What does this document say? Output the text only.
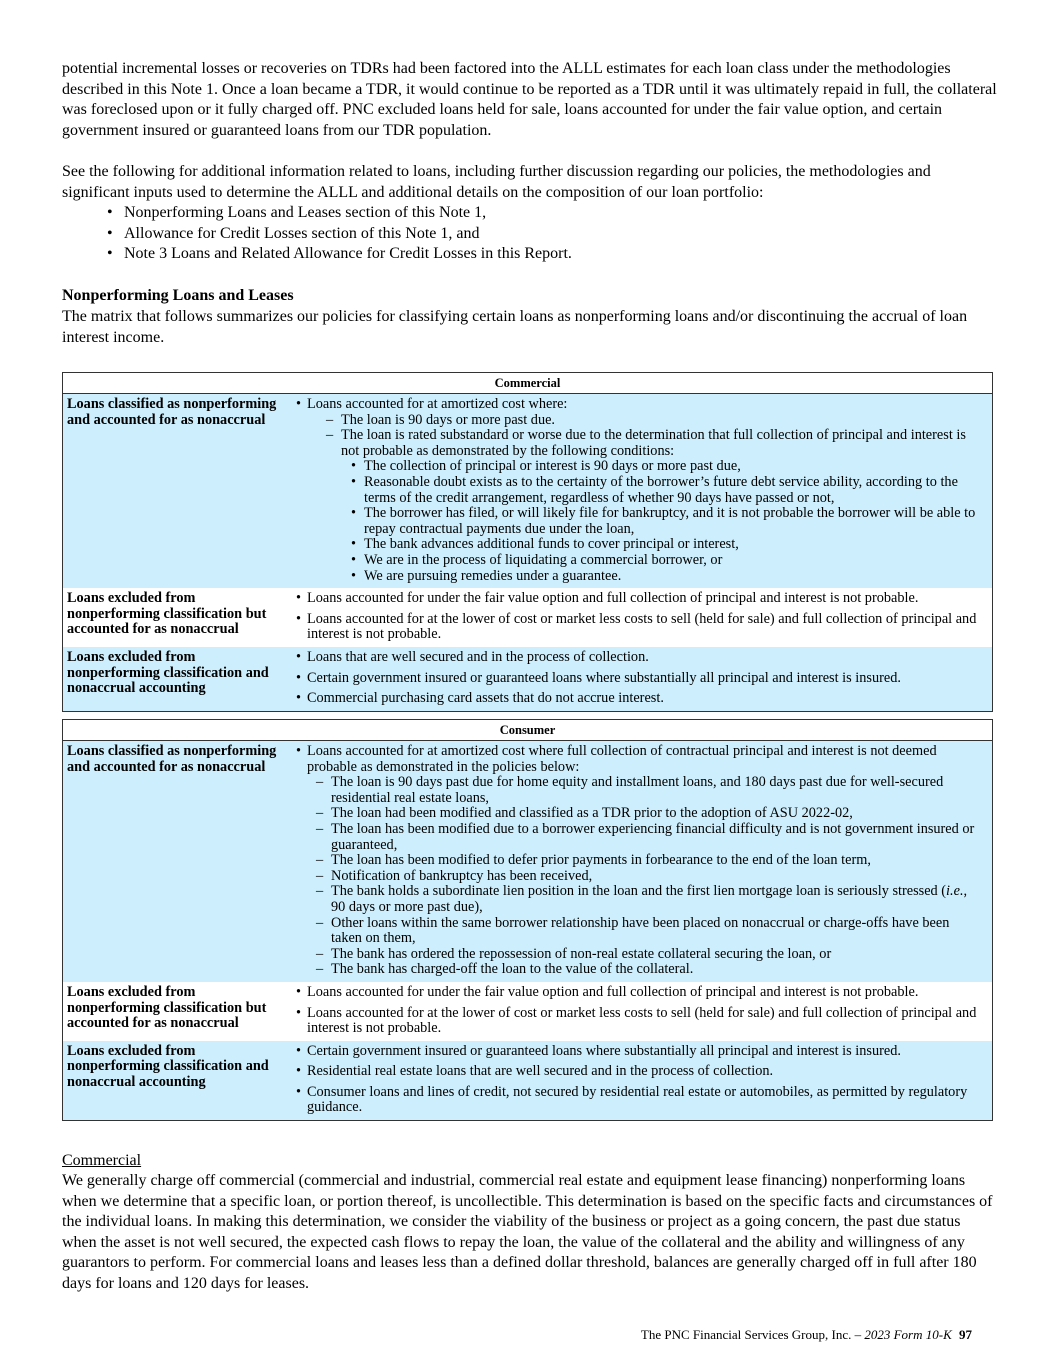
potential incremental losses or recoveries on TDRs had been factored into the ALLL estimates for each loan class under the methodologies described in this Note 1. Once a loan became a TDR, it would continue to be reported as a TDR until it was ultimately repaid in full, the collateral was foreclosed upon or it fully charged off. PNC excluded loans held for sale, loans accounted for under the fair value option, and certain government insured or guaranteed loans from our TDR population.

See the following for additional information related to loans, including further discussion regarding our policies, the methodologies and significant inputs used to determine the ALLL and additional details on the composition of our loan portfolio:

• Nonperforming Loans and Leases section of this Note 1,
• Allowance for Credit Losses section of this Note 1, and
• Note 3 Loans and Related Allowance for Credit Losses in this Report.

Nonperforming Loans and Leases

The matrix that follows summarizes our policies for classifying certain loans as nonperforming loans and/or discontinuing the accrual of loan interest income.

Commercial
Loans classified as nonperforming and accounted for as nonaccrual
• Loans accounted for at amortized cost where:
– The loan is 90 days or more past due.
– The loan is rated substandard or worse due to the determination that full collection of principal and interest is not probable as demonstrated by the following conditions:
• The collection of principal or interest is 90 days or more past due,
• Reasonable doubt exists as to the certainty of the borrower’s future debt service ability, according to the terms of the credit arrangement, regardless of whether 90 days have passed or not,
• The borrower has filed, or will likely file for bankruptcy, and it is not probable the borrower will be able to repay contractual payments due under the loan,
• The bank advances additional funds to cover principal or interest,
• We are in the process of liquidating a commercial borrower, or
• We are pursuing remedies under a guarantee.
Loans excluded from nonperforming classification but accounted for as nonaccrual
• Loans accounted for under the fair value option and full collection of principal and interest is not probable.
• Loans accounted for at the lower of cost or market less costs to sell (held for sale) and full collection of principal and interest is not probable.
Loans excluded from nonperforming classification and nonaccrual accounting
• Loans that are well secured and in the process of collection.
• Certain government insured or guaranteed loans where substantially all principal and interest is insured.
• Commercial purchasing card assets that do not accrue interest.
Consumer
Loans classified as nonperforming and accounted for as nonaccrual
• Loans accounted for at amortized cost where full collection of contractual principal and interest is not deemed probable as demonstrated in the policies below:
– The loan is 90 days past due for home equity and installment loans, and 180 days past due for well-secured residential real estate loans,
– The loan had been modified and classified as a TDR prior to the adoption of ASU 2022-02,
– The loan has been modified due to a borrower experiencing financial difficulty and is not government insured or guaranteed,
– The loan has been modified to defer prior payments in forbearance to the end of the loan term,
– Notification of bankruptcy has been received,
– The bank holds a subordinate lien position in the loan and the first lien mortgage loan is seriously stressed (i.e., 90 days or more past due),
– Other loans within the same borrower relationship have been placed on nonaccrual or charge-offs have been taken on them,
– The bank has ordered the repossession of non-real estate collateral securing the loan, or
– The bank has charged-off the loan to the value of the collateral.
Loans excluded from nonperforming classification but accounted for as nonaccrual
• Loans accounted for under the fair value option and full collection of principal and interest is not probable.
• Loans accounted for at the lower of cost or market less costs to sell (held for sale) and full collection of principal and interest is not probable.
Loans excluded from nonperforming classification and nonaccrual accounting
• Certain government insured or guaranteed loans where substantially all principal and interest is insured.
• Residential real estate loans that are well secured and in the process of collection.
• Consumer loans and lines of credit, not secured by residential real estate or automobiles, as permitted by regulatory guidance.

Commercial

We generally charge off commercial (commercial and industrial, commercial real estate and equipment lease financing) nonperforming loans when we determine that a specific loan, or portion thereof, is uncollectible. This determination is based on the specific facts and circumstances of the individual loans. In making this determination, we consider the viability of the business or project as a going concern, the past due status when the asset is not well secured, the expected cash flows to repay the loan, the value of the collateral and the ability and willingness of any guarantors to perform. For commercial loans and leases less than a defined dollar threshold, balances are generally charged off in full after 180 days for loans and 120 days for leases.

The PNC Financial Services Group, Inc. – 2023 Form 10-K 97
